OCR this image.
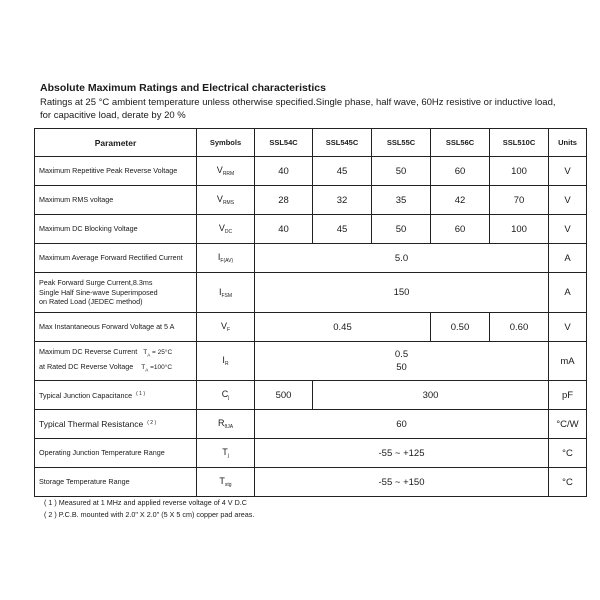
Absolute Maximum Ratings and Electrical characteristics
Ratings at 25 °C ambient temperature unless otherwise specified.Single phase, half wave, 60Hz resistive or inductive load,
for capacitive load, derate by 20 %
Parameter	Symbols	SSL54C	SSL545C	SSL55C	SSL56C	SSL510C	Units
Maximum Repetitive Peak Reverse Voltage	$V_{RRM}$	40	45	50	60	100	V
Maximum RMS voltage	$V_{RMS}$	28	32	35	42	70	V
Maximum DC Blocking Voltage	$V_{DC}$	40	45	50	60	100	V
Maximum Average Forward Rectified Current	$I_{F(AV)}$	5.0					A
Peak Forward Surge Current,8.3ms
Single Half Sine-wave Superimposed
on Rated Load (JEDEC method)	$I_{FSM}$	150					A
Max Instantaneous Forward Voltage at 5 A	$V_F$	0.45			0.50	0.60	V
Maximum DC Reverse Current $T_A = 25^\circ C$
at Rated DC Reverse Voltage $T_A =100^\circ C$	$I_R$	0.5
50					mA
Typical Junction Capacitance $^{( 1 )}$	$C_j$	500	300				pF
Typical Thermal Resistance $^{( 2 )}$	$R_{\theta JA}$	60					°C/W
Operating Junction Temperature Range	$T_j$	-55 ~ +125					°C
Storage Temperature Range	$T_{stg}$	-55 ~ +150					°C
( 1 ) Measured at 1 MHz and applied reverse voltage of 4 V D.C
( 2 ) P.C.B. mounted with 2.0" X 2.0" (5 X 5 cm) copper pad areas.
